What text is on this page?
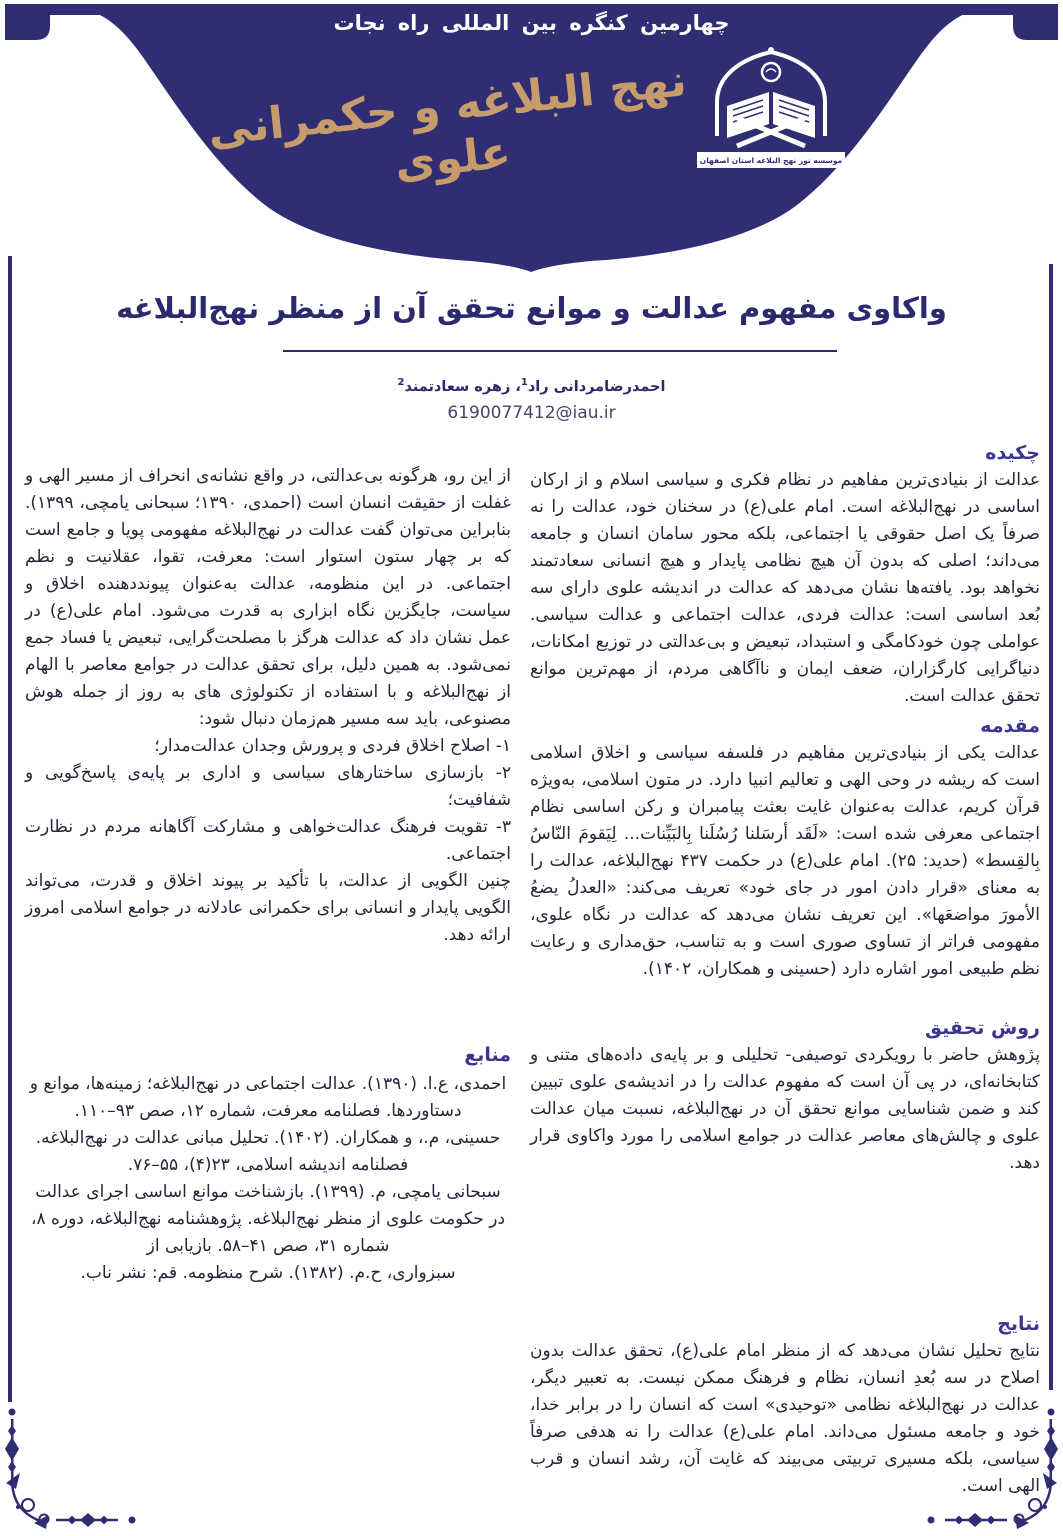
چهارمین کنگره بین المللی راه نجات
نهج البلاغه و حکمرانی علوی	موسسه نور نهج البلاغه استان اصفهان
واکاوی مفهوم عدالت و موانع تحقق آن از منظر نهج‌البلاغه
احمدرضامردانی راد$^1$، زهره سعادتمند$^2$
6190077412@iau.ir
چکیده

عدالت از بنیادی‌ترین مفاهیم در نظام فکری و سیاسی اسلام و از ارکان اساسی در نهج‌البلاغه است. امام علی(ع) در سخنان خود، عدالت را نه صرفاً یک اصل حقوقی یا اجتماعی، بلکه محور سامان انسان و جامعه می‌داند؛ اصلی که بدون آن هیچ نظامی پایدار و هیچ انسانی سعادتمند نخواهد بود. یافته‌ها نشان می‌دهد که عدالت در اندیشه علوی دارای سه بُعد اساسی است: عدالت فردی، عدالت اجتماعی و عدالت سیاسی. عواملی چون خودکامگی و استبداد، تبعیض و بی‌عدالتی در توزیع امکانات، دنیاگرایی کارگزاران، ضعف ایمان و ناآگاهی مردم، از مهم‌ترین موانع تحقق عدالت است.

مقدمه

عدالت یکی از بنیادی‌ترین مفاهیم در فلسفه سیاسی و اخلاق اسلامی است که ریشه در وحی الهی و تعالیم انبیا دارد. در متون اسلامی، به‌ویژه قرآن کریم، عدالت به‌عنوان غایت بعثت پیامبران و رکن اساسی نظام اجتماعی معرفی شده است: «لَقَد أرسَلنا رُسُلَنا بِالبَیِّنات... لِیَقومَ النّاسُ بِالقِسط» (حدید: ۲۵). امام علی(ع) در حکمت ۴۳۷ نهج‌البلاغه، عدالت را به معنای «قرار دادن امور در جای خود» تعریف می‌کند: «العدلُ یضعُ الأمورَ مواضعَها». این تعریف نشان می‌دهد که عدالت در نگاه علوی، مفهومی فراتر از تساوی صوری است و به تناسب، حق‌مداری و رعایت نظم طبیعی امور اشاره دارد (حسینی و همکاران، ۱۴۰۲).

روش تحقیق

پژوهش حاضر با رویکردی توصیفی- تحلیلی و بر پایه‌ی داده‌های متنی و کتابخانه‌ای، در پی آن است که مفهوم عدالت را در اندیشه‌ی علوی تبیین کند و ضمن شناسایی موانع تحقق آن در نهج‌البلاغه، نسبت میان عدالت علوی و چالش‌های معاصر عدالت در جوامع اسلامی را مورد واکاوی قرار دهد.

نتایج

نتایج تحلیل نشان می‌دهد که از منظر امام علی(ع)، تحقق عدالت بدون اصلاح در سه بُعدِ انسان، نظام و فرهنگ ممکن نیست. به تعبیر دیگر، عدالت در نهج‌البلاغه نظامی «توحیدی» است که انسان را در برابر خدا، خود و جامعه مسئول می‌داند. امام علی(ع) عدالت را نه هدفی صرفاً سیاسی، بلکه مسیری تربیتی می‌بیند که غایت آن، رشد انسان و قرب الهی است.

از این رو، هرگونه بی‌عدالتی، در واقع نشانه‌ی انحراف از مسیر الهی و غفلت از حقیقت انسان است (احمدی، ۱۳۹۰؛ سبحانی یامچی، ۱۳۹۹). بنابراین می‌توان گفت عدالت در نهج‌البلاغه مفهومی پویا و جامع است که بر چهار ستون استوار است: معرفت، تقوا، عقلانیت و نظم اجتماعی. در این منظومه، عدالت به‌عنوان پیونددهنده اخلاق و سیاست، جایگزین نگاه ابزاری به قدرت می‌شود. امام علی(ع) در عمل نشان داد که عدالت هرگز با مصلحت‌گرایی، تبعیض یا فساد جمع نمی‌شود. به همین دلیل، برای تحقق عدالت در جوامع معاصر با الهام از نهج‌البلاغه و با استفاده از تکنولوژی های به روز از جمله هوش مصنوعی، باید سه مسیر هم‌زمان دنبال شود:

۱- اصلاح اخلاق فردی و پرورش وجدان عدالت‌مدار؛

۲- بازسازی ساختارهای سیاسی و اداری بر پایه‌ی پاسخ‌گویی و شفافیت؛

۳- تقویت فرهنگ عدالت‌خواهی و مشارکت آگاهانه مردم در نظارت اجتماعی.

چنین الگویی از عدالت، با تأکید بر پیوند اخلاق و قدرت، می‌تواند الگویی پایدار و انسانی برای حکمرانی عادلانه در جوامع اسلامی امروز ارائه دهد.

منابع

احمدی، ع.ا. (۱۳۹۰). عدالت اجتماعی در نهج‌البلاغه؛ زمینه‌ها، موانع و دستاوردها. فصلنامه معرفت، شماره ۱۲، صص ۹۳–۱۱۰.

حسینی، م.، و همکاران. (۱۴۰۲). تحلیل مبانی عدالت در نهج‌البلاغه. فصلنامه اندیشه اسلامی، ۲۳(۴)، ۵۵–۷۶.

سبحانی یامچی، م. (۱۳۹۹). بازشناخت موانع اساسی اجرای عدالت در حکومت علوی از منظر نهج‌البلاغه. پژوهشنامه نهج‌البلاغه، دوره ۸، شماره ۳۱، صص ۴۱–۵۸. بازیابی از

سبزواری، ح.م. (۱۳۸۲). شرح منظومه. قم: نشر ناب.
